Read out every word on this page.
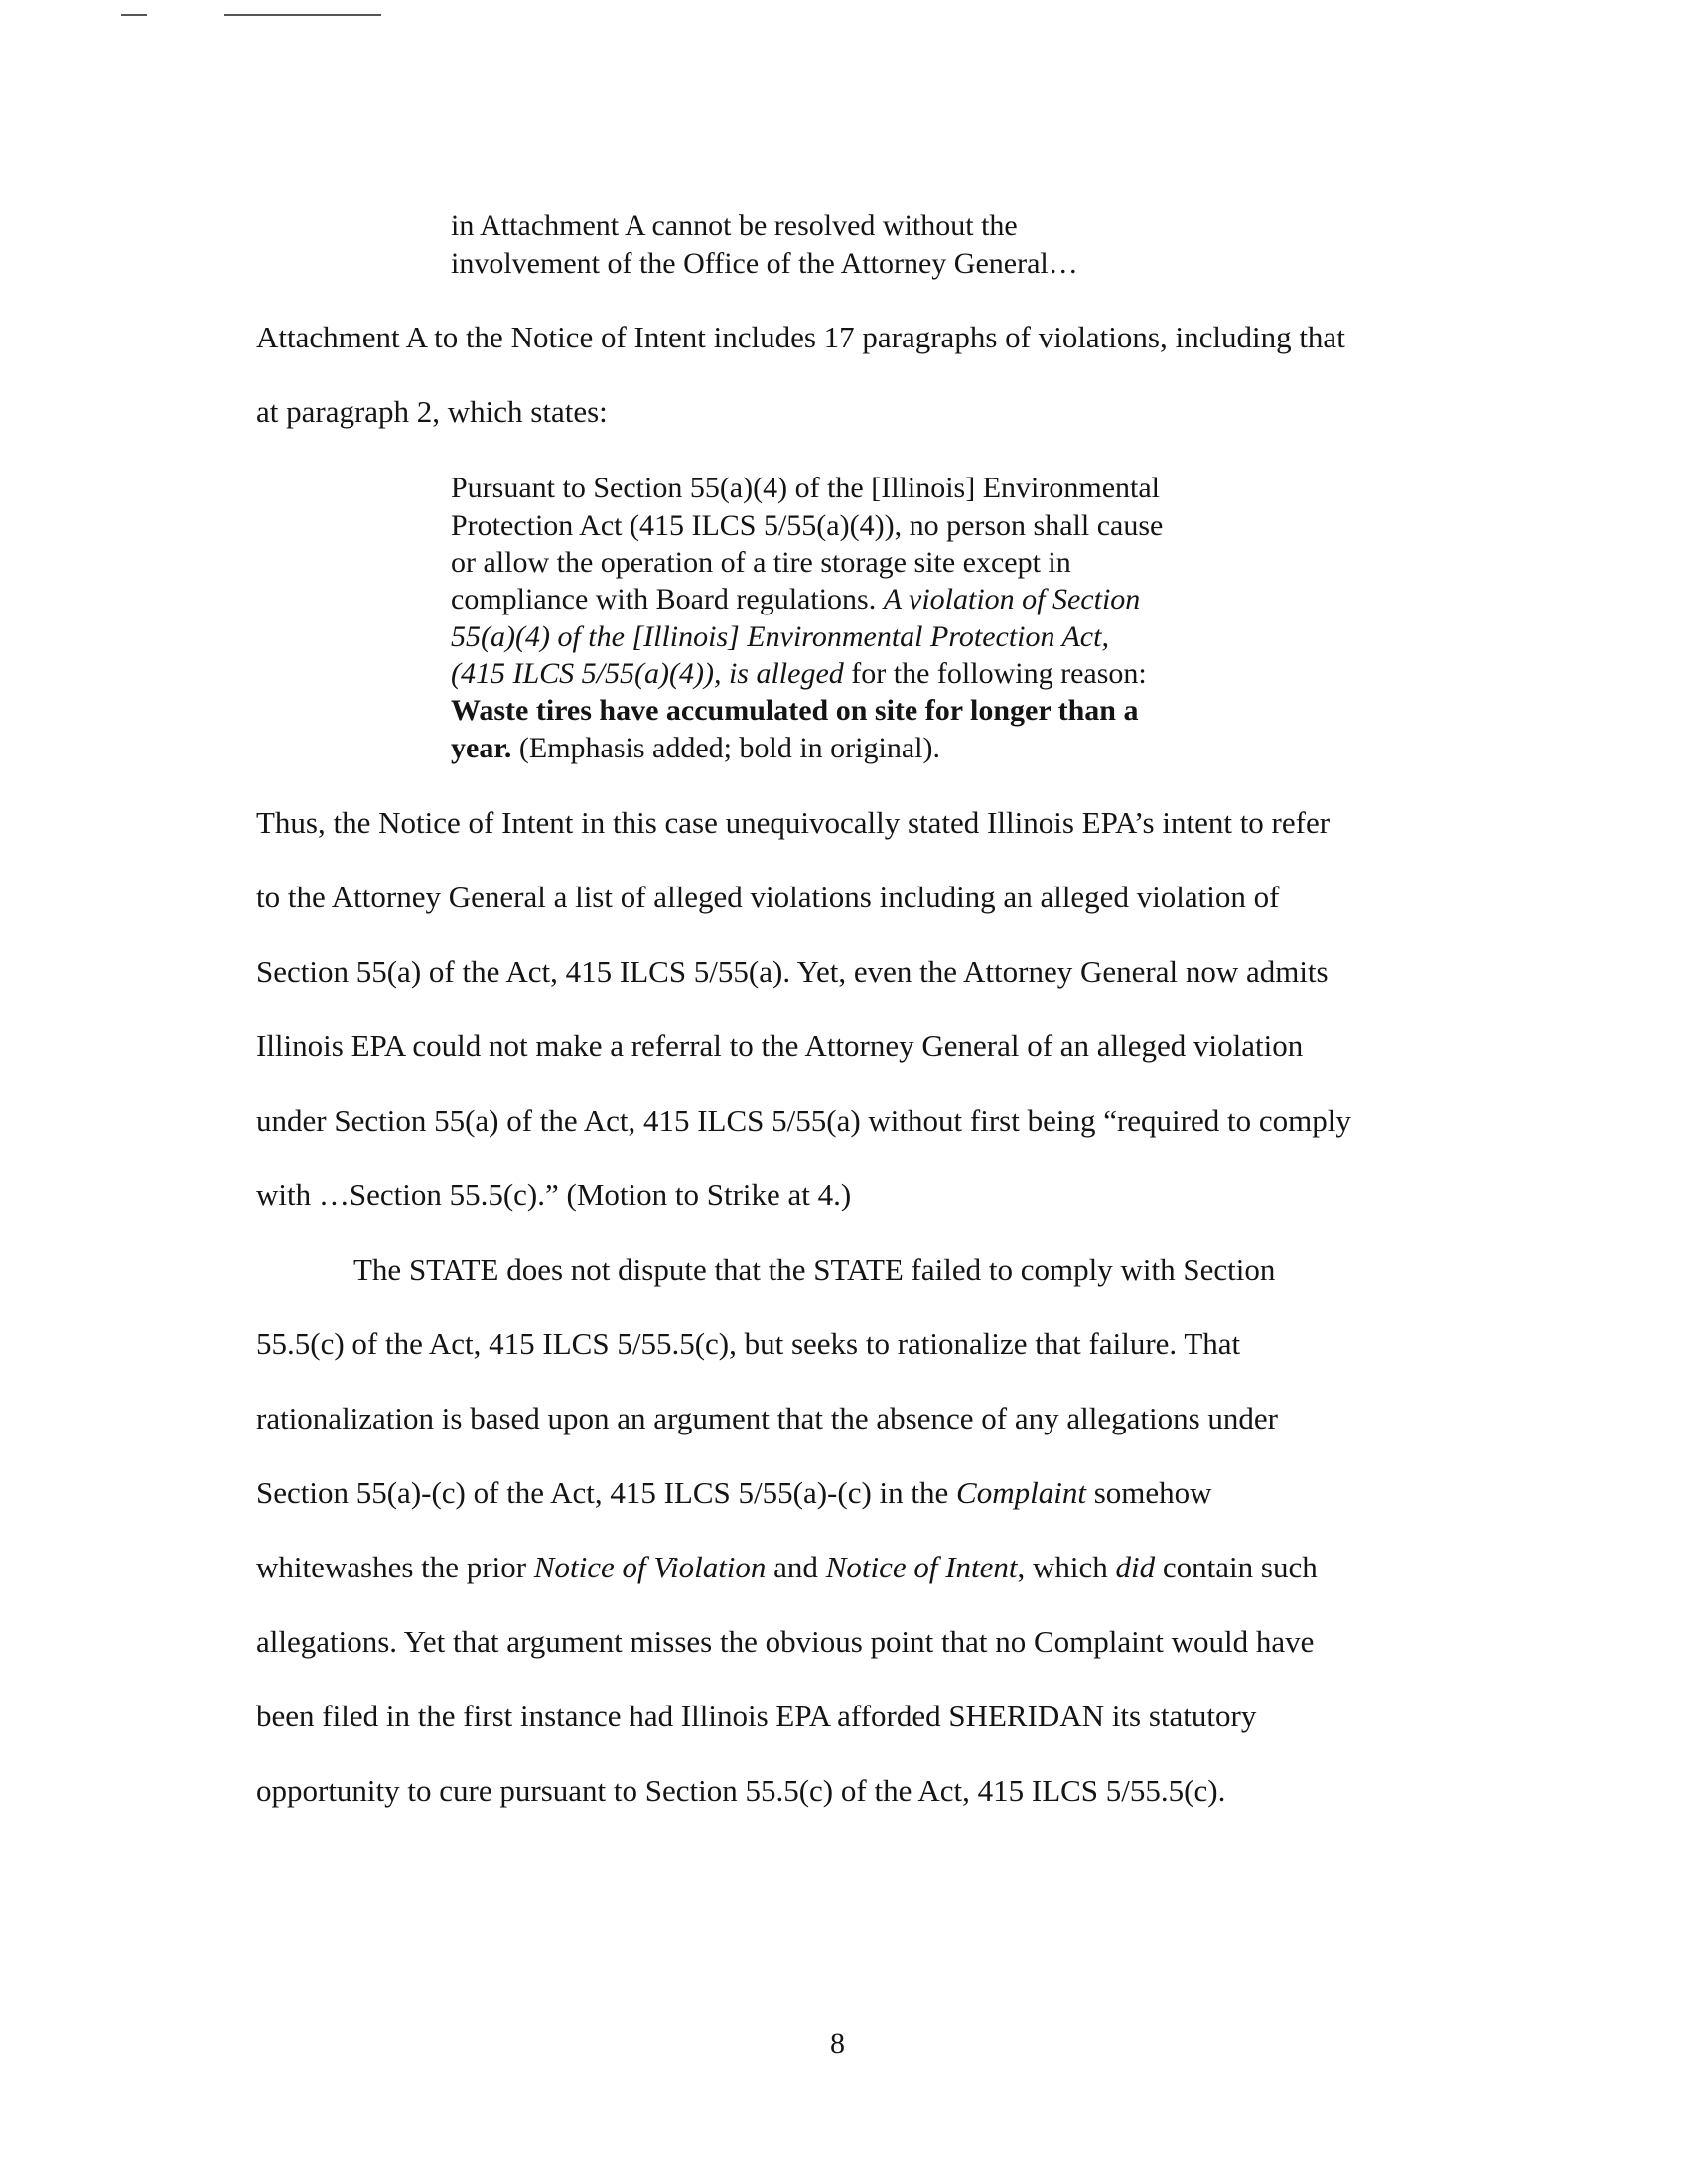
in Attachment A cannot be resolved without the
involvement of the Office of the Attorney General…
Attachment A to the Notice of Intent includes 17 paragraphs of violations, including that
at paragraph 2, which states:
Pursuant to Section 55(a)(4) of the [Illinois] Environmental
Protection Act (415 ILCS 5/55(a)(4)), no person shall cause
or allow the operation of a tire storage site except in
compliance with Board regulations. A violation of Section
55(a)(4) of the [Illinois] Environmental Protection Act,
(415 ILCS 5/55(a)(4)), is alleged for the following reason:
Waste tires have accumulated on site for longer than a
year. (Emphasis added; bold in original).
Thus, the Notice of Intent in this case unequivocally stated Illinois EPA’s intent to refer
to the Attorney General a list of alleged violations including an alleged violation of
Section 55(a) of the Act, 415 ILCS 5/55(a). Yet, even the Attorney General now admits
Illinois EPA could not make a referral to the Attorney General of an alleged violation
under Section 55(a) of the Act, 415 ILCS 5/55(a) without first being “required to comply
with …Section 55.5(c).” (Motion to Strike at 4.)
The STATE does not dispute that the STATE failed to comply with Section
55.5(c) of the Act, 415 ILCS 5/55.5(c), but seeks to rationalize that failure. That
rationalization is based upon an argument that the absence of any allegations under
Section 55(a)-(c) of the Act, 415 ILCS 5/55(a)-(c) in the Complaint somehow
whitewashes the prior Notice of Violation and Notice of Intent, which did contain such
allegations. Yet that argument misses the obvious point that no Complaint would have
been filed in the first instance had Illinois EPA afforded SHERIDAN its statutory
opportunity to cure pursuant to Section 55.5(c) of the Act, 415 ILCS 5/55.5(c).
8
